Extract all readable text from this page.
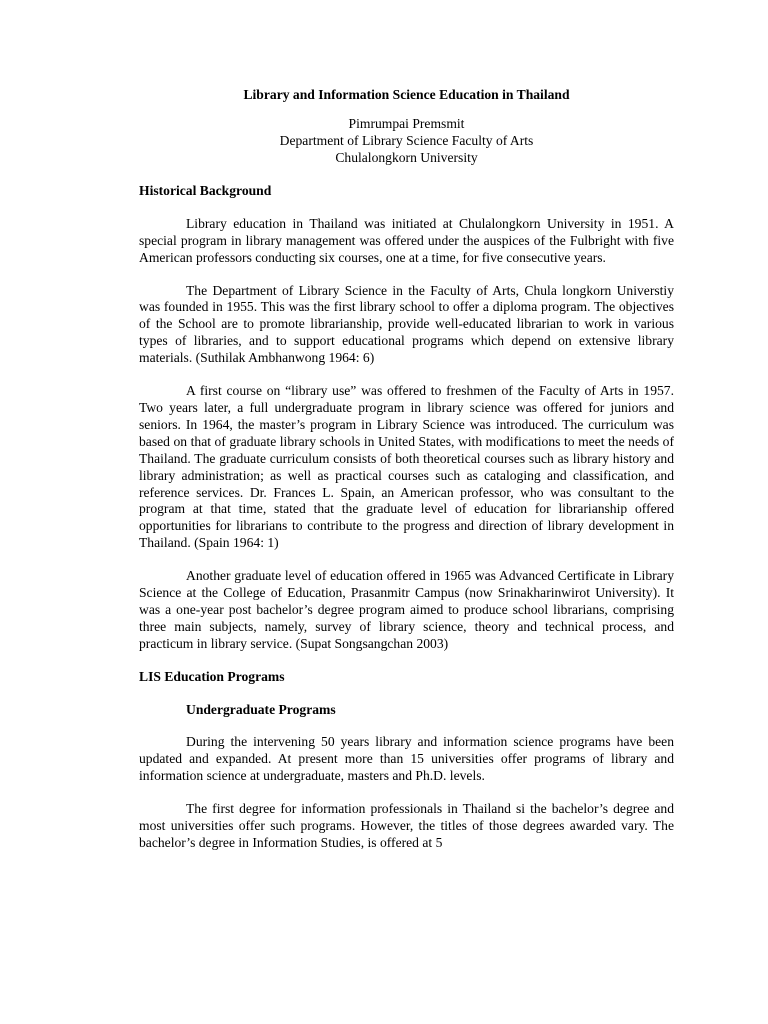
Library and Information Science Education in Thailand
Pimrumpai Premsmit
Department of Library Science Faculty of Arts
Chulalongkorn University
Historical Background

Library education in Thailand was initiated at Chulalongkorn University in 1951. A special program in library management was offered under the auspices of the Fulbright with five American professors conducting six courses, one at a time, for five consecutive years.

The Department of Library Science in the Faculty of Arts, Chula longkorn Universtiy was founded in 1955. This was the first library school to offer a diploma program. The objectives of the School are to promote librarianship, provide well-educated librarian to work in various types of libraries, and to support educational programs which depend on extensive library materials. (Suthilak Ambhanwong 1964: 6)

A first course on “library use” was offered to freshmen of the Faculty of Arts in 1957. Two years later, a full undergraduate program in library science was offered for juniors and seniors. In 1964, the master’s program in Library Science was introduced. The curriculum was based on that of graduate library schools in United States, with modifications to meet the needs of Thailand. The graduate curriculum consists of both theoretical courses such as library history and library administration; as well as practical courses such as cataloging and classification, and reference services. Dr. Frances L. Spain, an American professor, who was consultant to the program at that time, stated that the graduate level of education for librarianship offered opportunities for librarians to contribute to the progress and direction of library development in Thailand. (Spain 1964: 1)

Another graduate level of education offered in 1965 was Advanced Certificate in Library Science at the College of Education, Prasanmitr Campus (now Srinakharinwirot University). It was a one-year post bachelor’s degree program aimed to produce school librarians, comprising three main subjects, namely, survey of library science, theory and technical process, and practicum in library service. (Supat Songsangchan 2003)

LIS Education Programs
Undergraduate Programs

During the intervening 50 years library and information science programs have been updated and expanded. At present more than 15 universities offer programs of library and information science at undergraduate, masters and Ph.D. levels.

The first degree for information professionals in Thailand si the bachelor’s degree and most universities offer such programs. However, the titles of those degrees awarded vary. The bachelor’s degree in Information Studies, is offered at 5
